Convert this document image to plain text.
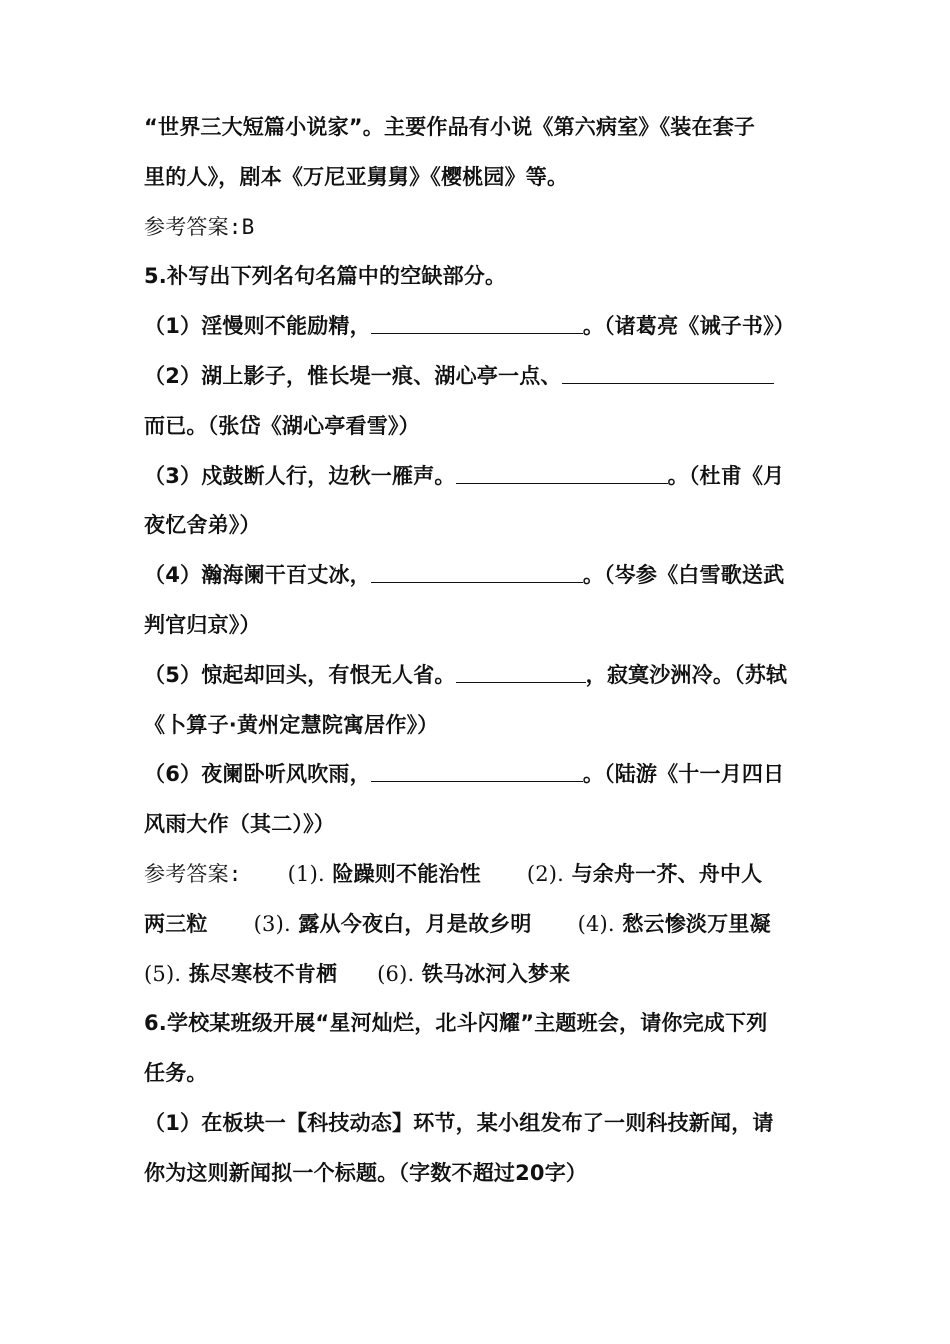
“世界三大短篇小说家”。主要作品有小说《第六病室》《装在套子
里的人》，剧本《万尼亚舅舅》《樱桃园》等。
参考答案:B
5.补写出下列名句名篇中的空缺部分。
（1）淫慢则不能励精，	。（诸葛亮《诫子书》）
（2）湖上影子，惟长堤一痕、湖心亭一点、
而已。（张岱《湖心亭看雪》）
（3）戍鼓断人行，边秋一雁声。	。（杜甫《月
夜忆舍弟》）
（4）瀚海阑干百丈冰，	。（岑参《白雪歌送武
判官归京》）
（5）惊起却回头，有恨无人省。	，寂寞沙洲冷。（苏轼
《卜算子·黄州定慧院寓居作》）
（6）夜阑卧听风吹雨，	。（陆游《十一月四日
风雨大作（其二）》）
参考答案: (1). 险躁则不能治性 (2). 与余舟一芥、舟中人
两三粒 (3). 露从今夜白，月是故乡明 (4). 愁云惨淡万里凝
(5). 拣尽寒枝不肯栖 (6). 铁马冰河入梦来
6.学校某班级开展“星河灿烂，北斗闪耀”主题班会，请你完成下列
任务。
（1）在板块一【科技动态】环节，某小组发布了一则科技新闻，请
你为这则新闻拟一个标题。（字数不超过20字）
